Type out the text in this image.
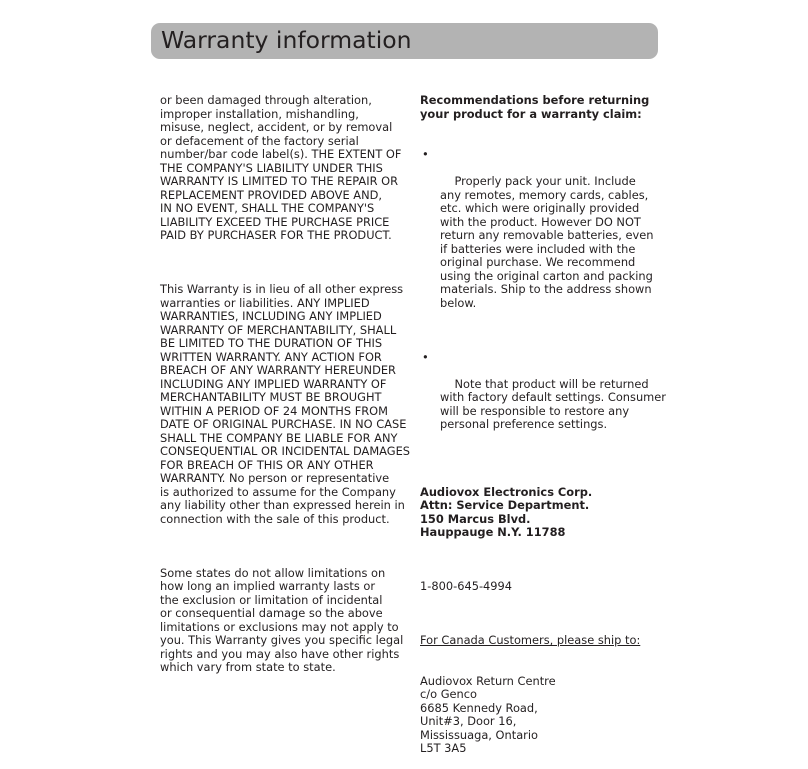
Warranty information

or been damaged through alteration,
improper installation, mishandling,
misuse, neglect, accident, or by removal
or defacement of the factory serial
number/bar code label(s). THE EXTENT OF
THE COMPANY'S LIABILITY UNDER THIS
WARRANTY IS LIMITED TO THE REPAIR OR
REPLACEMENT PROVIDED ABOVE AND,
IN NO EVENT, SHALL THE COMPANY'S
LIABILITY EXCEED THE PURCHASE PRICE
PAID BY PURCHASER FOR THE PRODUCT.

This Warranty is in lieu of all other express
warranties or liabilities. ANY IMPLIED
WARRANTIES, INCLUDING ANY IMPLIED
WARRANTY OF MERCHANTABILITY, SHALL
BE LIMITED TO THE DURATION OF THIS
WRITTEN WARRANTY. ANY ACTION FOR
BREACH OF ANY WARRANTY HEREUNDER
INCLUDING ANY IMPLIED WARRANTY OF
MERCHANTABILITY MUST BE BROUGHT
WITHIN A PERIOD OF 24 MONTHS FROM
DATE OF ORIGINAL PURCHASE. IN NO CASE
SHALL THE COMPANY BE LIABLE FOR ANY
CONSEQUENTIAL OR INCIDENTAL DAMAGES
FOR BREACH OF THIS OR ANY OTHER
WARRANTY. No person or representative
is authorized to assume for the Company
any liability other than expressed herein in
connection with the sale of this product.

Some states do not allow limitations on
how long an implied warranty lasts or
the exclusion or limitation of incidental
or consequential damage so the above
limitations or exclusions may not apply to
you. This Warranty gives you specific legal
rights and you may also have other rights
which vary from state to state.

Recommendations before returning
your product for a warranty claim:

•

Properly pack your unit. Include
any remotes, memory cards, cables,
etc. which were originally provided
with the product. However DO NOT
return any removable batteries, even
if batteries were included with the
original purchase. We recommend
using the original carton and packing
materials. Ship to the address shown
below.

•

Note that product will be returned
with factory default settings. Consumer
will be responsible to restore any
personal preference settings.

Audiovox Electronics Corp.
Attn: Service Department.
150 Marcus Blvd.
Hauppauge N.Y. 11788

1-800-645-4994

For Canada Customers, please ship to:

Audiovox Return Centre
c/o Genco
6685 Kennedy Road,
Unit#3, Door 16,
Mississuaga, Ontario
L5T 3A5
